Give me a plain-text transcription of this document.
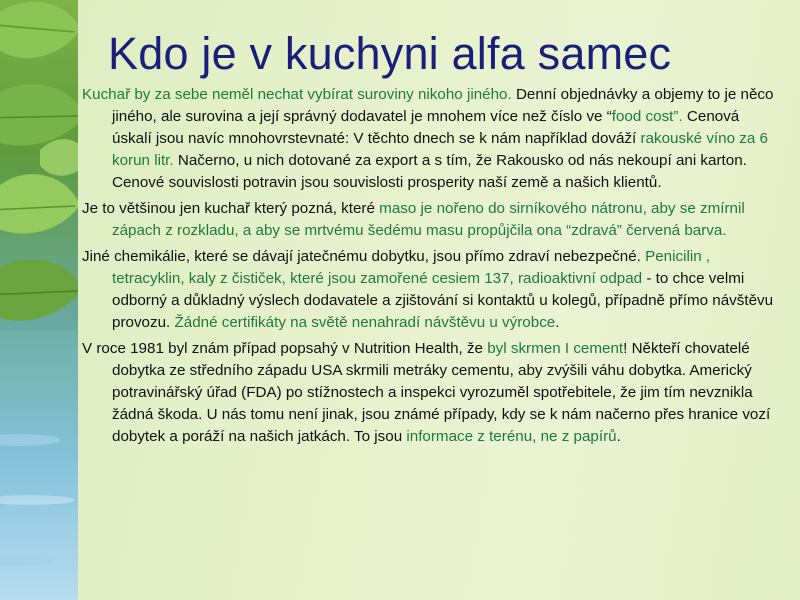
Kdo je v kuchyni alfa samec

Kuchař by za sebe neměl nechat vybírat suroviny nikoho jiného. Denní objednávky a objemy to je něco jiného, ale surovina a její správný dodavatel je mnohem více než číslo ve “food cost”. Cenová úskalí jsou navíc mnohovrstevnaté: V těchto dnech se k nám například dováží rakouské víno za 6 korun litr. Načerno, u nich dotované za export a s tím, že Rakousko od nás nekoupí ani karton. Cenové souvislosti potravin jsou souvislosti prosperity naší země a našich klientů.

Je to většinou jen kuchař který pozná, které maso je nořeno do sirníkového nátronu, aby se zmírnil zápach z rozkladu, a aby se mrtvému šedému masu propůjčila ona “zdravá” červená barva.

Jiné chemikálie, které se dávají jatečnému dobytku, jsou přímo zdraví nebezpečné. Penicilin , tetracyklin, kaly z čističek, které jsou zamořené cesiem 137, radioaktivní odpad - to chce velmi odborný a důkladný výslech dodavatele a zjištování si kontaktů u kolegů, případně přímo návštěvu provozu. Žádné certifikáty na světě nenahradí návštěvu u výrobce.

V roce 1981 byl znám případ popsahý v Nutrition Health, že byl skrmen I cement! Někteří chovatelé dobytka ze středního západu USA skrmili metráky cementu, aby zvýšili váhu dobytka. Americký potravinářský úřad (FDA) po stížnostech a inspekci vyrozuměl spotřebitele, že jim tím nevznikla žádná škoda. U nás tomu není jinak, jsou známé případy, kdy se k nám načerno přes hranice vozí dobytek a poráží na našich jatkách. To jsou informace z terénu, ne z papírů.
